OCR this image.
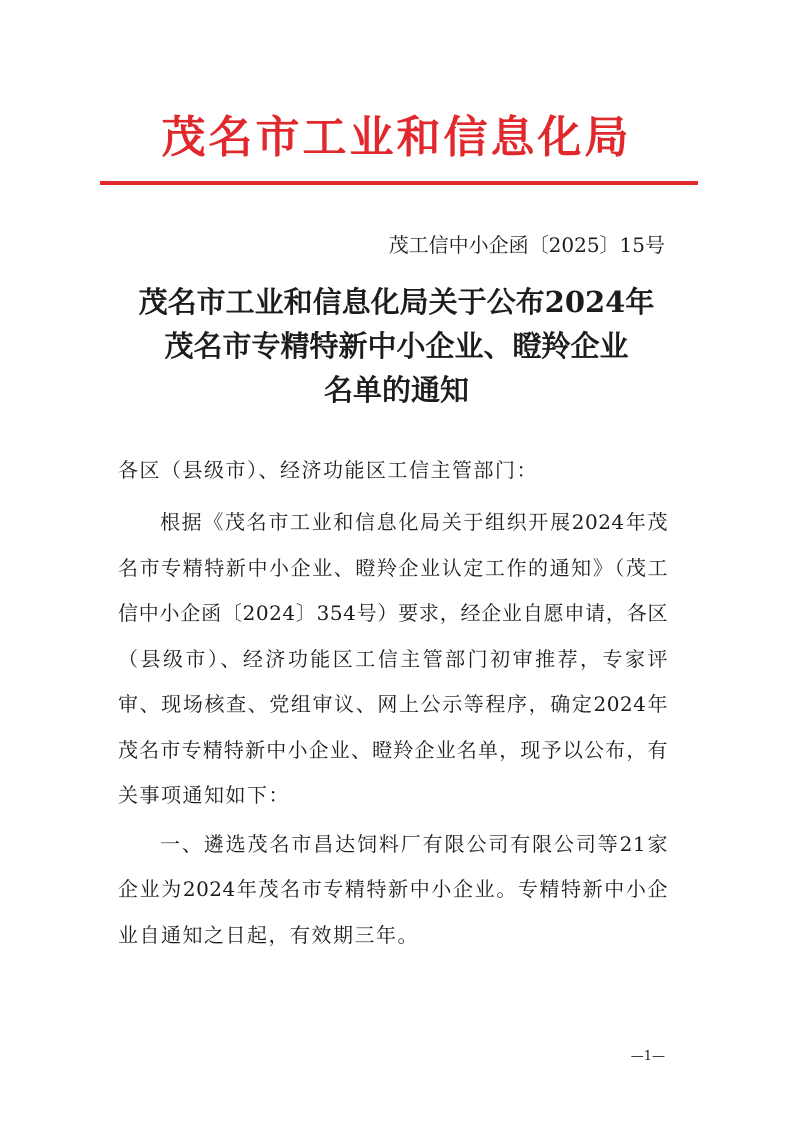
茂名市工业和信息化局
茂工信中小企函〔2025〕15号
茂名市工业和信息化局关于公布2024年
茂名市专精特新中小企业、瞪羚企业
名单的通知
各区（县级市）、经济功能区工信主管部门：
根据《茂名市工业和信息化局关于组织开展2024年茂
名市专精特新中小企业、瞪羚企业认定工作的通知》（茂工
信中小企函〔2024〕354号）要求，经企业自愿申请，各区
（县级市）、经济功能区工信主管部门初审推荐，专家评
审、现场核查、党组审议、网上公示等程序，确定2024年
茂名市专精特新中小企业、瞪羚企业名单，现予以公布，有
关事项通知如下：
一、遴选茂名市昌达饲料厂有限公司有限公司等21家
企业为2024年茂名市专精特新中小企业。专精特新中小企
业自通知之日起，有效期三年。
—1—
